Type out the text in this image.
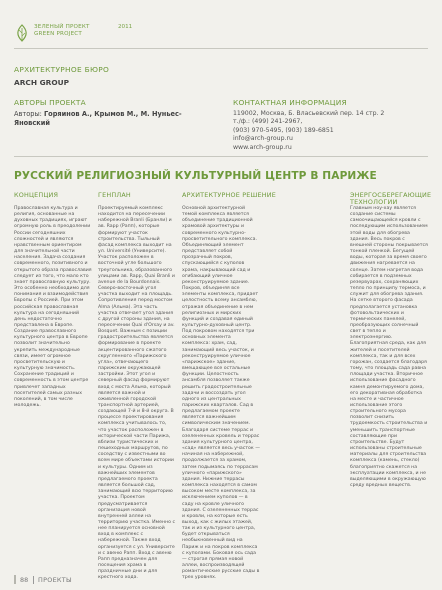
ЗЕЛЕНЫЙ ПРОЕКТ
GREEN PROJECT
2011
АРХИТЕКТУРНОЕ БЮРО
ARCH GROUP
АВТОРЫ ПРОЕКТА
Авторы: Горяинов А., Крымов М., М. Нуньес-Яновский
КОНТАКТНАЯ ИНФОРМАЦИЯ
119002, Москва, Б. Власьевский пер. 14 стр. 2
т./ф.: (499) 241-2967,
(903) 970-5495, (903) 189-6851
info@arch-group.ru
www.arch-group.ru
РУССКИЙ РЕЛИГИОЗНЫЙ КУЛЬТУРНЫЙ ЦЕНТР В ПАРИЖЕ
КОНЦЕПЦИЯ
Православная культура и религия, основанные на духовных традициях, играют огромную роль в преодолении России сегодняшних сложностей и являются нравственным ориентиром для значительной части населения. Задача создания современного, позитивного и открытого образа православия следует из того, что мало кто знает православную культуру. Это особенно необходимо для понимания и взаимодействия Европы с Россией. При этом российская православная культура на сегодняшний день недостаточно представлена в Европе. Создание православного культурного центра в Европе позволит значительно укрепить международные связи, имеет огромное просветительскую и культурную значимость. Сохранение традиций и современность в этом центре привлечет западных посетителей самых разных поколений, в том числе молодежь.
ГЕНПЛАН
Проектируемый комплекс находится на пересечении набережной Branli (Бранли) и ав. Rapp (Рапп), которые формируют участок строительства. Тыльный фасад комплекса выходит на ул. Université (Университе). Участок расположен в восточной угле большого треугольника, образованного улицами ав. Rapp, Quai Branli и avenue de la Bourdonnais. Северо-восточный угол участка выходит на площадь. Сопротивления перед мостом Alma (Альма). Эта часть участка отвечает угол здания с другой стороны здания, на пересечении Quai d'Orsay и av. Bosquet. Важным с позиции градостроительства является формирование в проекте акцентированного сжатого скругленного «Парижского угла», отвечающего парижским окружающей застройки. Этот угол и северный фасад формируют вход с моста Альма, который является важной и оживленной городской транспортной артерией, создающей 7-й и 8-й округа. В процессе проектирования комплекса учитывалось то, что участок расположен в исторической части Парижа, вблизи туристических и пешеходных маршрутов, по соседству с известными во всем мире объектами истории и культуры. Одним из важнейших элементов предлагаемого проекта является большой сад, занимающий всю территорию участка. Проектом предусматривается организация новой внутренней аллеи на территорию участка. Именно с нее планируется основной вход в комплекс с набережной. Также вход организуется с ул. Университе и с авеню Рапп. Вход с авеню Рапп предназначен для посещения храма в праздничные дни и для крестного хода.
АРХИТЕКТУРНОЕ РЕШЕНИЕ
Основной архитектурной темой комплекса является объединение традиционной храмовой архитектуры и современного культурно-просветительного комплекса. Объединяющий элемент представляет собой прозрачный покров, спускающийся с куполов храма, накрывающий сад и огибающий уличное реконструируемое здание. Покров, объединяя все элементы комплекса, придает целостность всему ансамблю, отражая объединение в нем религиозных и мирских функций и создавая единый культурно-духовный центр. Под покровом находятся три основных элемента комплекса: храм, сад, занимающий весь участок, и реконструируемое уличное «парижское» здание, вмещающее все остальные функции. Целостность ансамбля позволяет также решить градостроительные задачи и воссоздать угол одного из центральных парижских кварталов. Сад в предлагаемом проекте является важнейшим символическим значением. Благодаря системе террас и озелененных кровель и террас здания культурного центра, «сад» является весь участок — начиная на набережной, продолжается за храмом, затем подымаясь по террасам уличного «парижского» здания. Нижние террасы комплекса находятся в самом высоком месте комплекса, за исключением куполов — в саду на кровле уличного здания. С озелененных террас и кровли, на которые есть выход, как с жилых этажей, так и из культурного центра, будет открываться необыкновенный вид на Париж и на покров комплекса с куполами. Боковая ось сада — строгая прямая новой аллеи, воспроизводящей романтические русские сады в трех уровнях.
ЭНЕРГОСБЕРЕГАЮЩИЕ ТЕХНОЛОГИИ
Главным ноу-хау является создание системы самоочищающейся кровли с последующим использованием этой воды для обогрева здания. Весь покров с внешней стороны покрывается тонкой пленкой. Бегущей воды, которая за время своего движения нагревается на солнце. Затем нагретая вода собирается в подземных резервуарах, сохраняющих тепло по принципу термоса, и служит для обогрева здания. На сетке второго фасада предполагается установка фотовольтаических и термических панелей, преобразующих солнечный свет в тепло и электроэнергию. Благоприятная среда, как для жителей и посетителей комплекса, так и для всех горожан, создается благодаря тому, что площадь сада равна площади участка. Вторичное использование фасадного камня демонтируемого дома, его декоративная обработка на месте и частичное использование этого строительного мусора позволит снизить трудоемкость строительства и уменьшить транспортные составляющие при строительстве. Будут использованы строительные материалы для строительства комплекса (камень, стекло) благоприятно скажется на эксплуатации комплекса, и не выделяющими в окружающую среду вредных веществ.
88 ПРОЕКТЫ
